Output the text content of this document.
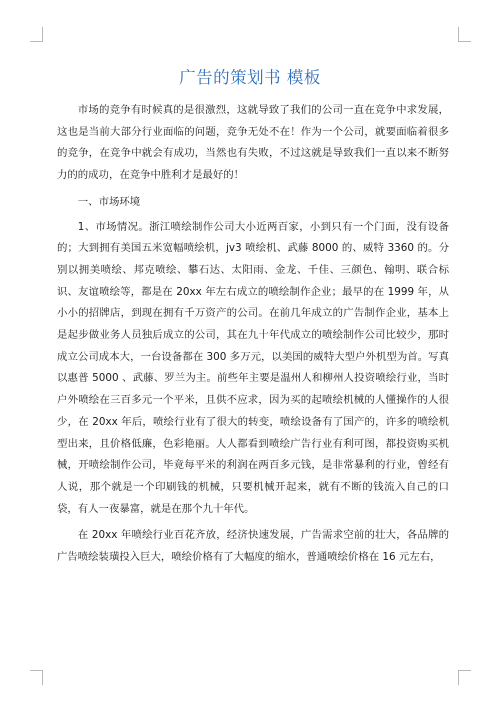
广告的策划书 模板

市场的竞争有时候真的是很激烈，这就导致了我们的公司一直在竞争中求发展，这也是当前大部分行业面临的问题，竞争无处不在！作为一个公司，就要面临着很多的竞争，在竞争中就会有成功，当然也有失败，不过这就是导致我们一直以来不断努力的的成功，在竞争中胜利才是最好的！

一、市场环境

1、市场情况。浙江喷绘制作公司大小近两百家，小到只有一个门面，没有设备的；大到拥有美国五米宽幅喷绘机，jv3 喷绘机、武藤 8000 的、威特 3360 的。分别以拥美喷绘、邦克喷绘、攀石达、太阳雨、金龙、千佳、三颜色、翰明、联合标识、友谊喷绘等，都是在 20xx 年左右成立的喷绘制作企业；最早的在 1999 年，从小小的招牌店，到现在拥有千万资产的公司。在前几年成立的广告制作企业，基本上是起步做业务人员独后成立的公司，其在九十年代成立的喷绘制作公司比较少，那时成立公司成本大，一台设备都在 300 多万元，以美国的威特大型户外机型为首。写真以惠普 5000 、武藤、罗兰为主。前些年主要是温州人和柳州人投资喷绘行业，当时户外喷绘在三百多元一个平米，且供不应求，因为买的起喷绘机械的人懂操作的人很少，在 20xx 年后，喷绘行业有了很大的转变，喷绘设备有了国产的，许多的喷绘机型出来，且价格低廉，色彩艳丽。人人都看到喷绘广告行业有利可图，都投资购买机械，开喷绘制作公司，毕竟每平米的利润在两百多元钱，是非常暴利的行业，曾经有人说，那个就是一个印刷钱的机械，只要机械开起来，就有不断的钱流入自己的口袋，有人一夜暴富，就是在那个九十年代。

在 20xx 年喷绘行业百花齐放，经济快速发展，广告需求空前的壮大，各品牌的广告喷绘装璜投入巨大，喷绘价格有了大幅度的缩水，普通喷绘价格在 16 元左右，
